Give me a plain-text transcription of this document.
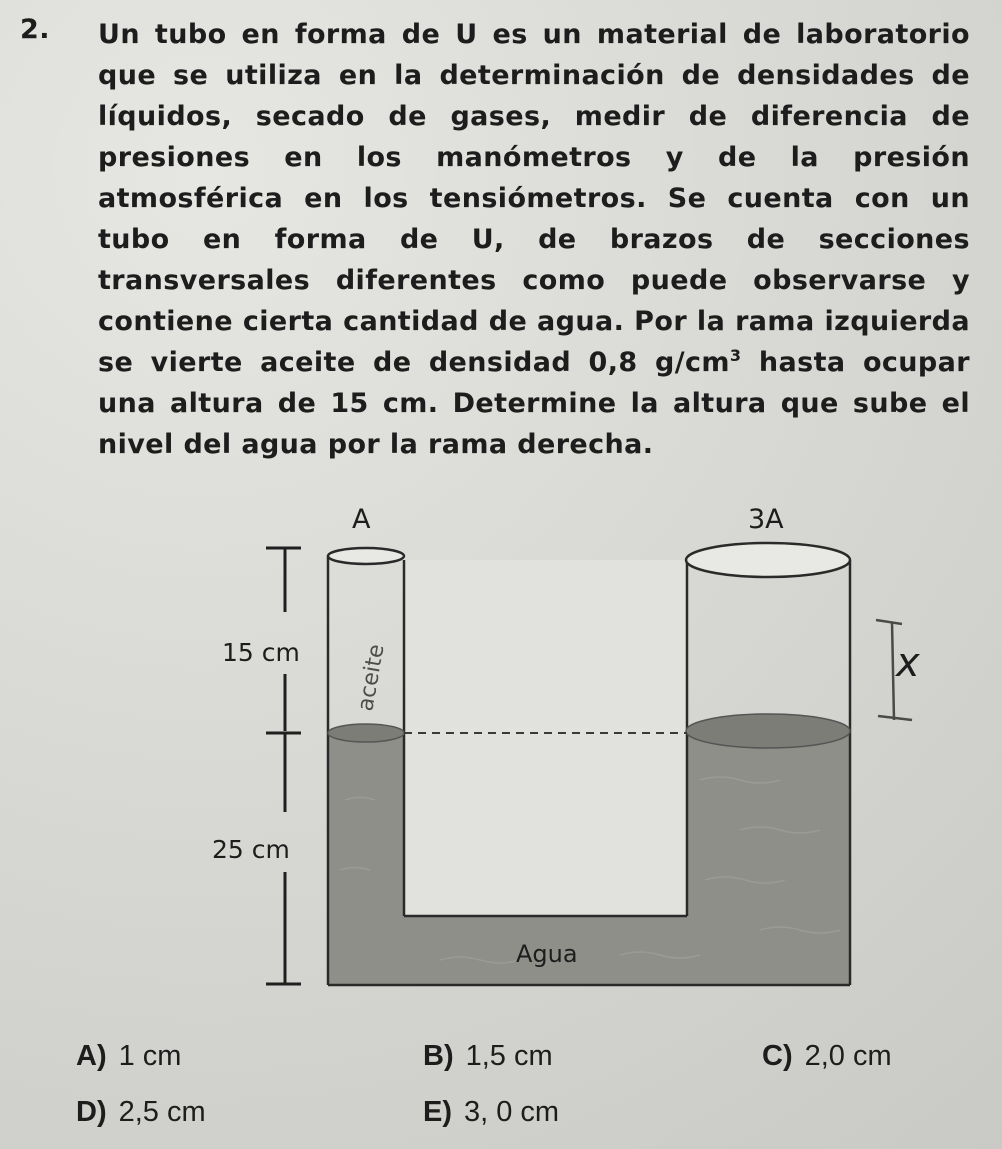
2. Un tubo en forma de U es un material de laboratorio que se utiliza en la determinación de densidades de líquidos, secado de gases, medir de diferencia de presiones en los manómetros y de la presión atmosférica en los tensiómetros. Se cuenta con un tubo en forma de U, de brazos de secciones transversales diferentes como puede observarse y contiene cierta cantidad de agua. Por la rama izquierda se vierte aceite de densidad 0,8 $g/cm^3$ hasta ocupar una altura de 15 cm. Determine la altura que sube el nivel del agua por la rama derecha.
A	3A
aceite
15 cm
25 cm
Agua
x
A) 1 cm	B) 1,5 cm	C) 2,0 cm
D) 2,5 cm	E) 3, 0 cm
